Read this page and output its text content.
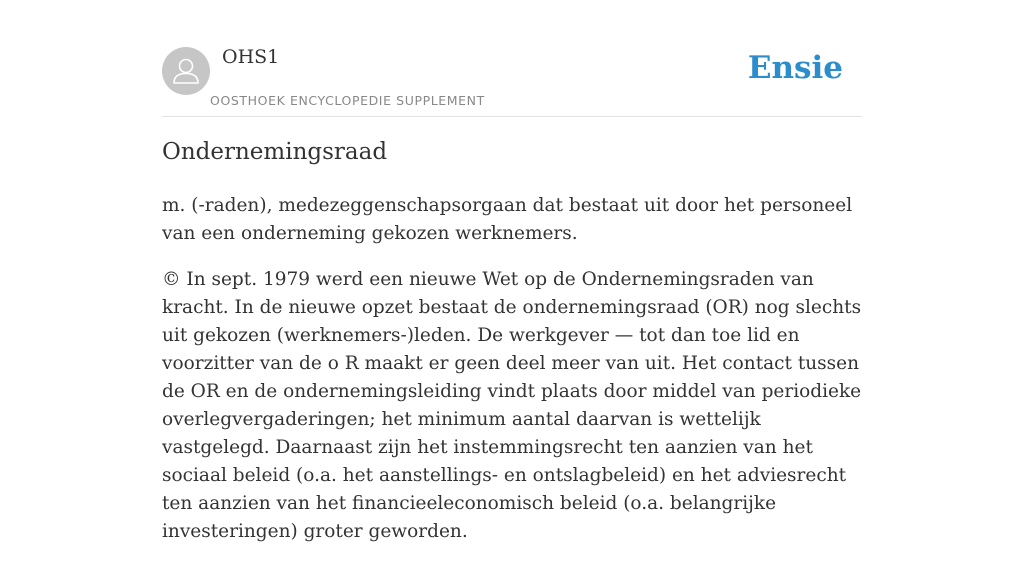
OHS1
OOSTHOEK ENCYCLOPEDIE SUPPLEMENT
Ensie
Ondernemingsraad

m. (-raden), medezeggenschapsorgaan dat bestaat uit door het personeel van een onderneming gekozen werknemers.

© In sept. 1979 werd een nieuwe Wet op de Ondernemingsraden van kracht. In de nieuwe opzet bestaat de ondernemingsraad (OR) nog slechts uit gekozen (werknemers-)leden. De werkgever — tot dan toe lid en voorzitter van de o R maakt er geen deel meer van uit. Het contact tussen de OR en de ondernemingsleiding vindt plaats door middel van periodieke overlegvergaderingen; het minimum aantal daarvan is wettelijk vastgelegd. Daarnaast zijn het instemmingsrecht ten aanzien van het sociaal beleid (o.a. het aanstellings- en ontslagbeleid) en het adviesrecht ten aanzien van het financieeleconomisch beleid (o.a. belangrijke investeringen) groter geworden.
